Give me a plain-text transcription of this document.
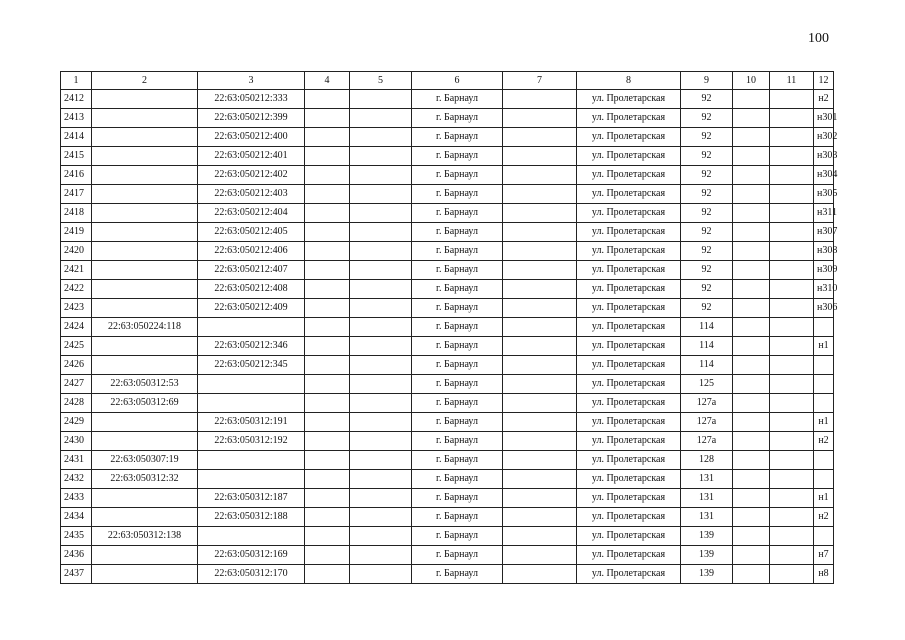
100
1	2	3	4	5	6	7	8	9	10	11	12
2412		22:63:050212:333			г. Барнаул		ул. Пролетарская	92			н2
2413		22:63:050212:399			г. Барнаул		ул. Пролетарская	92			н301
2414		22:63:050212:400			г. Барнаул		ул. Пролетарская	92			н302
2415		22:63:050212:401			г. Барнаул		ул. Пролетарская	92			н303
2416		22:63:050212:402			г. Барнаул		ул. Пролетарская	92			н304
2417		22:63:050212:403			г. Барнаул		ул. Пролетарская	92			н305
2418		22:63:050212:404			г. Барнаул		ул. Пролетарская	92			н311
2419		22:63:050212:405			г. Барнаул		ул. Пролетарская	92			н307
2420		22:63:050212:406			г. Барнаул		ул. Пролетарская	92			н308
2421		22:63:050212:407			г. Барнаул		ул. Пролетарская	92			н309
2422		22:63:050212:408			г. Барнаул		ул. Пролетарская	92			н310
2423		22:63:050212:409			г. Барнаул		ул. Пролетарская	92			н306
2424	22:63:050224:118				г. Барнаул		ул. Пролетарская	114			
2425		22:63:050212:346			г. Барнаул		ул. Пролетарская	114			н1
2426		22:63:050212:345			г. Барнаул		ул. Пролетарская	114			
2427	22:63:050312:53				г. Барнаул		ул. Пролетарская	125			
2428	22:63:050312:69				г. Барнаул		ул. Пролетарская	127а			
2429		22:63:050312:191			г. Барнаул		ул. Пролетарская	127а			н1
2430		22:63:050312:192			г. Барнаул		ул. Пролетарская	127а			н2
2431	22:63:050307:19				г. Барнаул		ул. Пролетарская	128			
2432	22:63:050312:32				г. Барнаул		ул. Пролетарская	131			
2433		22:63:050312:187			г. Барнаул		ул. Пролетарская	131			н1
2434		22:63:050312:188			г. Барнаул		ул. Пролетарская	131			н2
2435	22:63:050312:138				г. Барнаул		ул. Пролетарская	139			
2436		22:63:050312:169			г. Барнаул		ул. Пролетарская	139			н7
2437		22:63:050312:170			г. Барнаул		ул. Пролетарская	139			н8
